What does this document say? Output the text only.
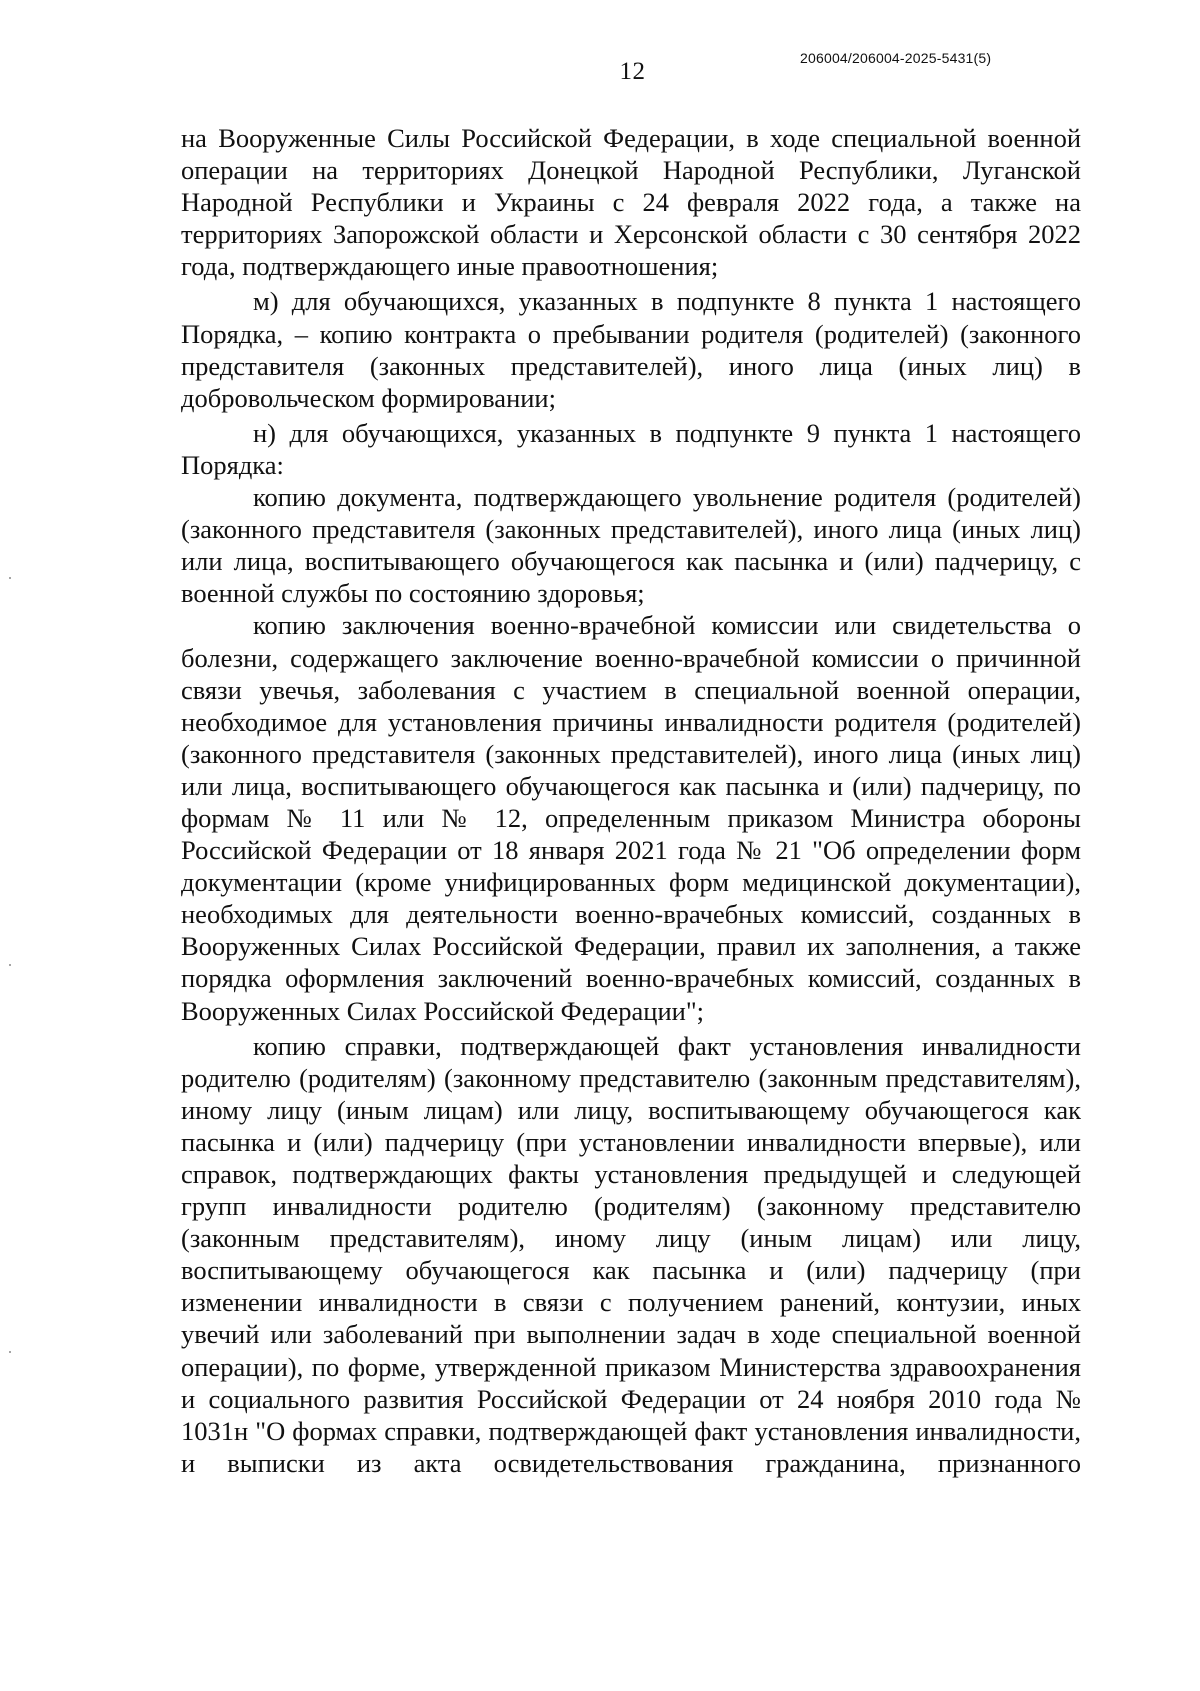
12	206004/206004-2025-5431(5)

на Вооруженные Силы Российской Федерации, в ходе специальной военной операции на территориях Донецкой Народной Республики, Луганской Народной Республики и Украины с 24 февраля 2022 года, а также на территориях Запорожской области и Херсонской области с 30 сентября 2022 года, подтверждающего иные правоотношения;

м) для обучающихся, указанных в подпункте 8 пункта 1 настоящего Порядка, – копию контракта о пребывании родителя (родителей) (законного представителя (законных представителей), иного лица (иных лиц) в добровольческом формировании;

н) для обучающихся, указанных в подпункте 9 пункта 1 настоящего Порядка:

копию документа, подтверждающего увольнение родителя (родителей) (законного представителя (законных представителей), иного лица (иных лиц) или лица, воспитывающего обучающегося как пасынка и (или) падчерицу, с военной службы по состоянию здоровья;

копию заключения военно-врачебной комиссии или свидетельства о болезни, содержащего заключение военно-врачебной комиссии о причинной связи увечья, заболевания с участием в специальной военной операции, необходимое для установления причины инвалидности родителя (родителей) (законного представителя (законных представителей), иного лица (иных лиц) или лица, воспитывающего обучающегося как пасынка и (или) падчерицу, по формам № 11 или № 12, определенным приказом Министра обороны Российской Федерации от 18 января 2021 года № 21 "Об определении форм документации (кроме унифицированных форм медицинской документации), необходимых для деятельности военно-врачебных комиссий, созданных в Вооруженных Силах Российской Федерации, правил их заполнения, а также порядка оформления заключений военно-врачебных комиссий, созданных в Вооруженных Силах Российской Федерации";

копию справки, подтверждающей факт установления инвалидности родителю (родителям) (законному представителю (законным представителям), иному лицу (иным лицам) или лицу, воспитывающему обучающегося как пасынка и (или) падчерицу (при установлении инвалидности впервые), или справок, подтверждающих факты установления предыдущей и следующей групп инвалидности родителю (родителям) (законному представителю (законным представителям), иному лицу (иным лицам) или лицу, воспитывающему обучающегося как пасынка и (или) падчерицу (при изменении инвалидности в связи с получением ранений, контузии, иных увечий или заболеваний при выполнении задач в ходе специальной военной операции), по форме, утвержденной приказом Министерства здравоохранения и социального развития Российской Федерации от 24 ноября 2010 года № 1031н "О формах справки, подтверждающей факт установления инвалидности, и выписки из акта освидетельствования гражданина, признанного
